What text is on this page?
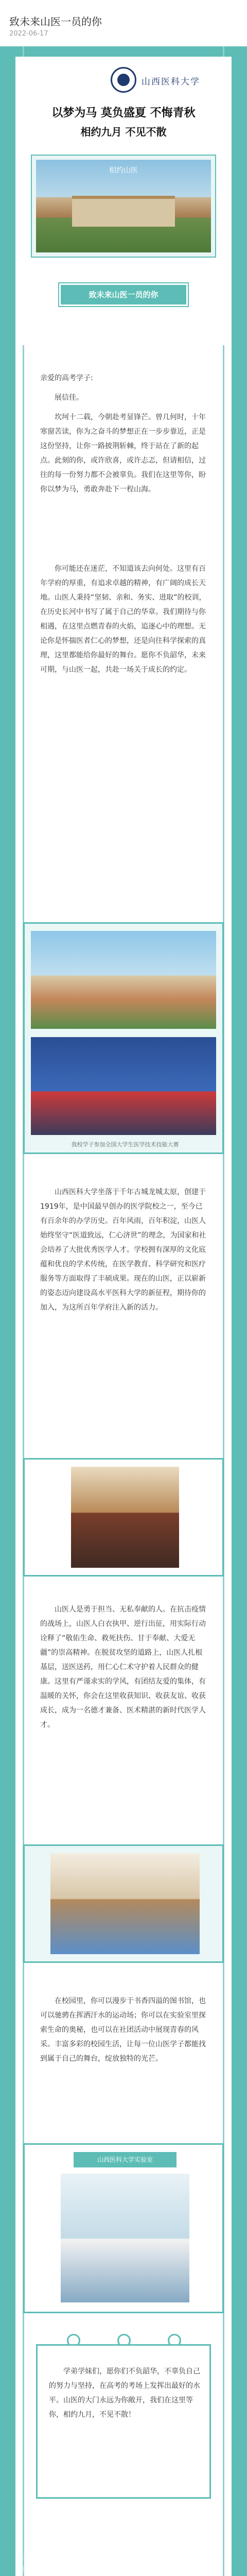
致未来山医一员的你
2022-06-17
山西医科大学
以梦为马 莫负盛夏 不悔青秋
相约九月 不见不散
相约山医
致未来山医一员的你

亲爱的高考学子:

展信佳。

坎坷十二载，今朝赴考显锋芒。曾几何时，十年寒窗苦读，你为之奋斗的梦想正在一步步靠近，正是这份坚持，让你一路披荆斩棘，终于站在了新的起点。此刻的你，或许欣喜，或许忐忑，但请相信，过往的每一份努力都不会被辜负。我们在这里等你，盼你以梦为马，勇敢奔赴下一程山海。

你可能还在迷茫，不知道该去向何处。这里有百年学府的厚重，有追求卓越的精神，有广阔的成长天地。山医人秉持“坚韧、亲和、务实、进取”的校训，在历史长河中书写了属于自己的华章。我们期待与你相遇，在这里点燃青春的火焰，追逐心中的理想。无论你是怀揣医者仁心的梦想，还是向往科学探索的真理，这里都能给你最好的舞台。愿你不负韶华，未来可期，与山医一起，共赴一场关于成长的约定。

我校学子参加全国大学生医学技术技能大赛

山西医科大学坐落于千年古城龙城太原，创建于1919年，是中国最早创办的医学院校之一，至今已有百余年的办学历史。百年风雨，百年积淀，山医人始终坚守“医道致远，仁心济世”的理念，为国家和社会培养了大批优秀医学人才。学校拥有深厚的文化底蕴和优良的学术传统，在医学教育、科学研究和医疗服务等方面取得了丰硕成果。现在的山医，正以崭新的姿态迈向建设高水平医科大学的新征程，期待你的加入，为这所百年学府注入新的活力。

山医人是勇于担当、无私奉献的人。在抗击疫情的战场上，山医人白衣执甲、逆行出征，用实际行动诠释了“敬佑生命、救死扶伤、甘于奉献、大爱无疆”的崇高精神。在脱贫攻坚的道路上，山医人扎根基层，送医送药，用仁心仁术守护着人民群众的健康。这里有严谨求实的学风，有团结友爱的集体，有温暖的关怀，你会在这里收获知识、收获友谊、收获成长，成为一名德才兼备、医术精湛的新时代医学人才。

在校园里，你可以漫步于书香四溢的图书馆，也可以驰骋在挥洒汗水的运动场；你可以在实验室里探索生命的奥秘，也可以在社团活动中展现青春的风采。丰富多彩的校园生活，让每一位山医学子都能找到属于自己的舞台，绽放独特的光芒。

山西医科大学实验室
学弟学妹们，愿你们不负韶华，不辜负自己的努力与坚持，在高考的考场上发挥出最好的水平。山医的大门永远为你敞开，我们在这里等你，相约九月，不见不散！
山西医科大学本科招生办公室
文字 | 校团委宣传部
